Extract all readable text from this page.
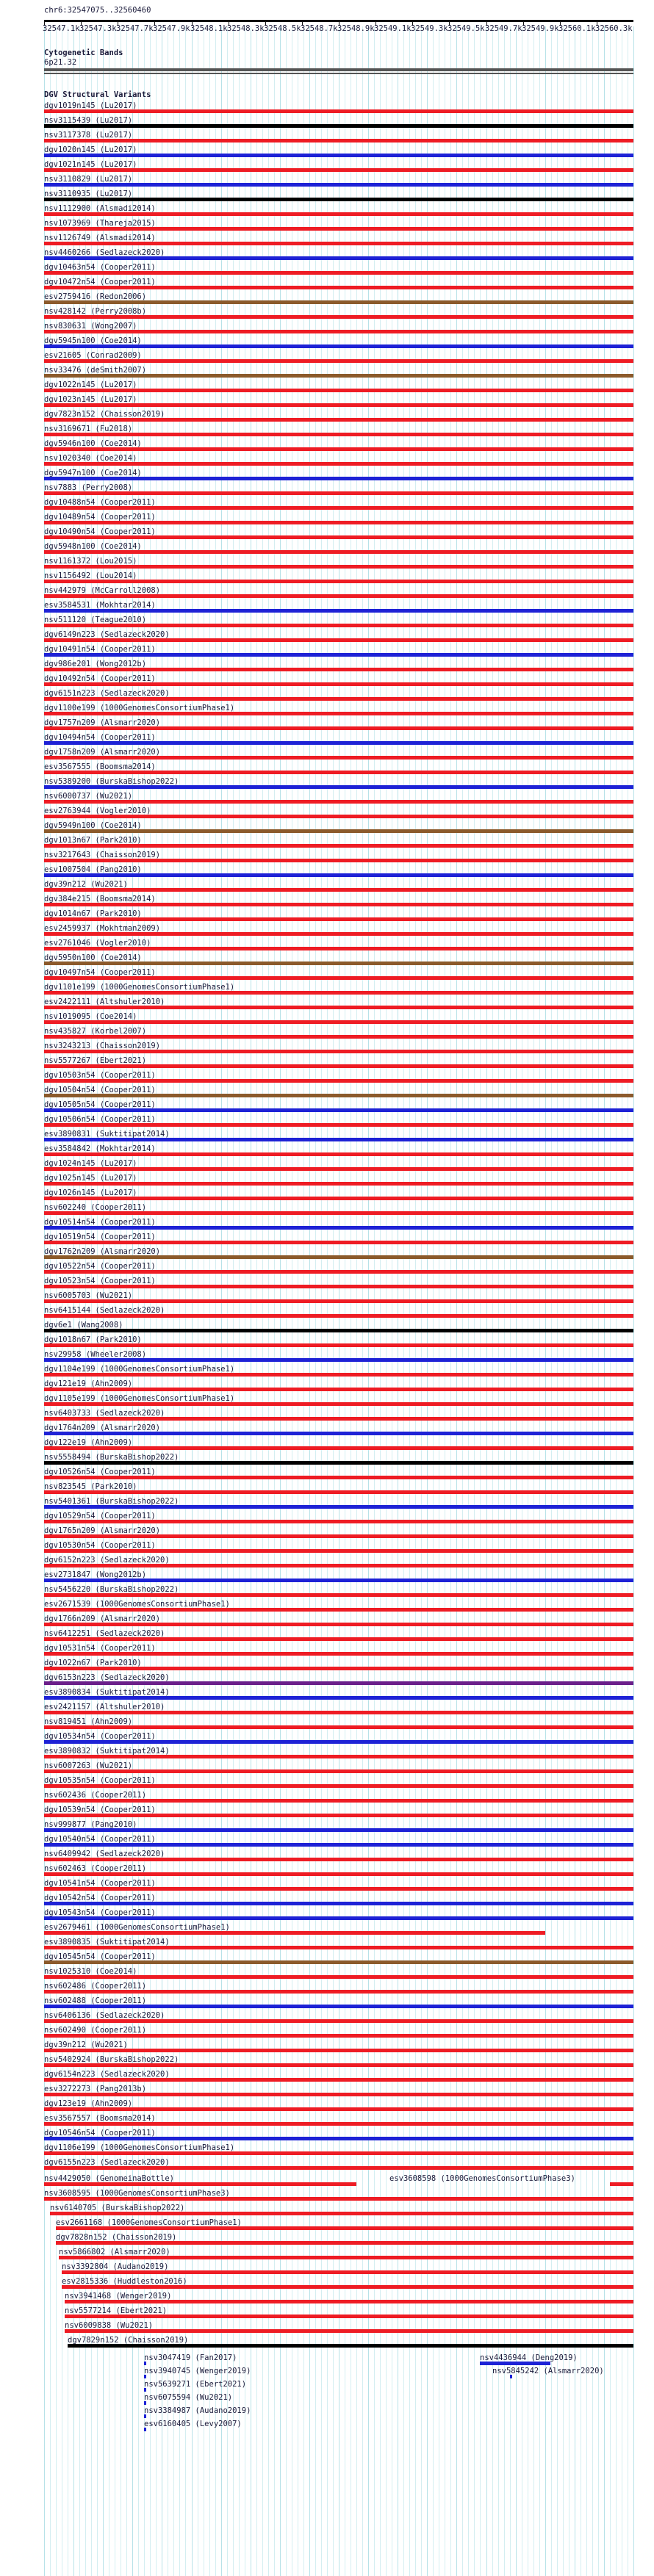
chr6:32547075..32560460
32547.1k 32547.3k 32547.7k 32547.9k 32548.1k 32548.3k 32548.5k 32548.7k 32548.9k 32549.1k 32549.3k 32549.5k 32549.7k 32549.9k 32560.1k 32560.3k
Cytogenetic Bands
6p21.32
DGV Structural Variants
dgv1019n145 (Lu2017)
nsv3115439 (Lu2017)
nsv3117378 (Lu2017)
dgv1020n145 (Lu2017)
dgv1021n145 (Lu2017)
nsv3110829 (Lu2017)
nsv3110935 (Lu2017)
nsv1112900 (Alsmadi2014)
nsv1073969 (Thareja2015)
nsv1126749 (Alsmadi2014)
nsv4460266 (Sedlazeck2020)
dgv10463n54 (Cooper2011)
dgv10472n54 (Cooper2011)
esv2759416 (Redon2006)
nsv428142 (Perry2008b)
nsv830631 (Wong2007)
dgv5945n100 (Coe2014)
esv21605 (Conrad2009)
nsv33476 (deSmith2007)
dgv1022n145 (Lu2017)
dgv1023n145 (Lu2017)
dgv7823n152 (Chaisson2019)
nsv3169671 (Fu2018)
dgv5946n100 (Coe2014)
nsv1020340 (Coe2014)
dgv5947n100 (Coe2014)
nsv7883 (Perry2008)
dgv10488n54 (Cooper2011)
dgv10489n54 (Cooper2011)
dgv10490n54 (Cooper2011)
dgv5948n100 (Coe2014)
nsv1161372 (Lou2015)
nsv1156492 (Lou2014)
nsv442979 (McCarroll2008)
esv3584531 (Mokhtar2014)
nsv511120 (Teague2010)
dgv6149n223 (Sedlazeck2020)
dgv10491n54 (Cooper2011)
dgv986e201 (Wong2012b)
dgv10492n54 (Cooper2011)
dgv6151n223 (Sedlazeck2020)
dgv1100e199 (1000GenomesConsortiumPhase1)
dgv1757n209 (Alsmarr2020)
dgv10494n54 (Cooper2011)
dgv1758n209 (Alsmarr2020)
esv3567555 (Boomsma2014)
nsv5389200 (BurskaBishop2022)
nsv6000737 (Wu2021)
esv2763944 (Vogler2010)
dgv5949n100 (Coe2014)
dgv1013n67 (Park2010)
nsv3217643 (Chaisson2019)
esv1007504 (Pang2010)
dgv39n212 (Wu2021)
dgv384e215 (Boomsma2014)
dgv1014n67 (Park2010)
esv2459937 (Mokhtman2009)
esv2761046 (Vogler2010)
dgv5950n100 (Coe2014)
dgv10497n54 (Cooper2011)
dgv1101e199 (1000GenomesConsortiumPhase1)
esv2422111 (Altshuler2010)
nsv1019095 (Coe2014)
nsv435827 (Korbel2007)
nsv3243213 (Chaisson2019)
nsv5577267 (Ebert2021)
dgv10503n54 (Cooper2011)
dgv10504n54 (Cooper2011)
dgv10505n54 (Cooper2011)
dgv10506n54 (Cooper2011)
esv3890831 (Suktitipat2014)
esv3584842 (Mokhtar2014)
dgv1024n145 (Lu2017)
dgv1025n145 (Lu2017)
dgv1026n145 (Lu2017)
nsv602240 (Cooper2011)
dgv10514n54 (Cooper2011)
dgv10519n54 (Cooper2011)
dgv1762n209 (Alsmarr2020)
dgv10522n54 (Cooper2011)
dgv10523n54 (Cooper2011)
nsv6005703 (Wu2021)
nsv6415144 (Sedlazeck2020)
dgv6e1 (Wang2008)
dgv1018n67 (Park2010)
nsv29958 (Wheeler2008)
dgv1104e199 (1000GenomesConsortiumPhase1)
dgv121e19 (Ahn2009)
dgv1105e199 (1000GenomesConsortiumPhase1)
nsv6403733 (Sedlazeck2020)
dgv1764n209 (Alsmarr2020)
dgv122e19 (Ahn2009)
nsv5558494 (BurskaBishop2022)
dgv10526n54 (Cooper2011)
nsv823545 (Park2010)
nsv5401361 (BurskaBishop2022)
dgv10529n54 (Cooper2011)
dgv1765n209 (Alsmarr2020)
dgv10530n54 (Cooper2011)
dgv6152n223 (Sedlazeck2020)
esv2731847 (Wong2012b)
nsv5456220 (BurskaBishop2022)
esv2671539 (1000GenomesConsortiumPhase1)
dgv1766n209 (Alsmarr2020)
nsv6412251 (Sedlazeck2020)
dgv10531n54 (Cooper2011)
dgv1022n67 (Park2010)
dgv6153n223 (Sedlazeck2020)
esv3890834 (Suktitipat2014)
esv2421157 (Altshuler2010)
nsv819451 (Ahn2009)
dgv10534n54 (Cooper2011)
esv3890832 (Suktitipat2014)
nsv6007263 (Wu2021)
dgv10535n54 (Cooper2011)
nsv602436 (Cooper2011)
dgv10539n54 (Cooper2011)
nsv999877 (Pang2010)
dgv10540n54 (Cooper2011)
nsv6409942 (Sedlazeck2020)
nsv602463 (Cooper2011)
dgv10541n54 (Cooper2011)
dgv10542n54 (Cooper2011)
dgv10543n54 (Cooper2011)
esv2679461 (1000GenomesConsortiumPhase1)
esv3890835 (Suktitipat2014)
dgv10545n54 (Cooper2011)
nsv1025310 (Coe2014)
nsv602486 (Cooper2011)
nsv602488 (Cooper2011)
nsv6406136 (Sedlazeck2020)
nsv602490 (Cooper2011)
dgv39n212 (Wu2021)
nsv5402924 (BurskaBishop2022)
dgv6154n223 (Sedlazeck2020)
esv3272273 (Pang2013b)
dgv123e19 (Ahn2009)
esv3567557 (Boomsma2014)
dgv10546n54 (Cooper2011)
dgv1106e199 (1000GenomesConsortiumPhase1)
dgv6155n223 (Sedlazeck2020)
nsv4429050 (GenomeinaBottle)	esv3608598 (1000GenomesConsortiumPhase3)
nsv3608595 (1000GenomesConsortiumPhase3)
nsv6140705 (BurskaBishop2022)
esv2661168 (1000GenomesConsortiumPhase1)
dgv7828n152 (Chaisson2019)
nsv5866802 (Alsmarr2020)
nsv3392804 (Audano2019)
esv2815336 (Huddleston2016)
nsv3941468 (Wenger2019)
nsv5577214 (Ebert2021)
nsv6009838 (Wu2021)
dgv7829n152 (Chaisson2019)
nsv3047419 (Fan2017)
nsv3940745 (Wenger2019)
nsv5639271 (Ebert2021)
nsv6075594 (Wu2021)
nsv3384987 (Audano2019)
esv6160405 (Levy2007)
nsv4436944 (Deng2019)
nsv5845242 (Alsmarr2020)
